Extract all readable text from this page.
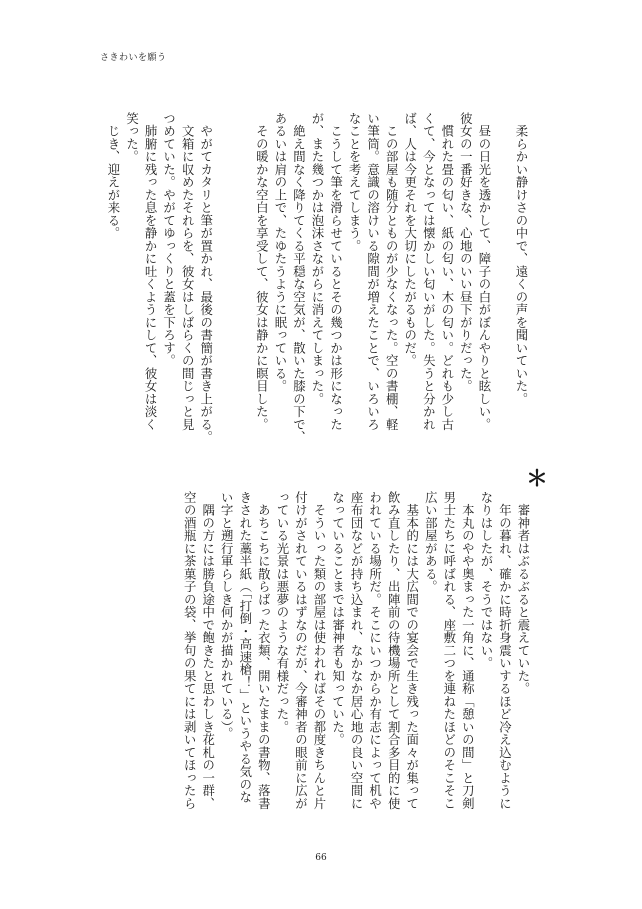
さきわいを願う
　柔らかい静けさの中で、遠くの声を聞いていた。
　昼の日光を透かして、障子の白がぼんやりと眩しい。
彼女の一番好きな、心地のいい昼下がりだった。
　慣れた畳の匂い、紙の匂い、木の匂い。どれも少し古
くて、今となっては懐かしい匂いがした。失うと分かれ
ば、人は今更それを大切にしたがるものだ。
　この部屋も随分とものが少なくなった。空の書棚、軽
い筆筒。意識の溶けいる隙間が増えたことで、いろいろ
なことを考えてしまう。
　こうして筆を滑らせているとその幾つかは形になった
が、また幾つかは泡沫さながらに消えてしまった。
　絶え間なく降りてくる平穏な空気が、散いた膝の下で、
あるいは肩の上で、たゆたうように眠っている。
　その暖かな空白を享受して、彼女は静かに瞑目した。
　やがてカタリと筆が置かれ、最後の書簡が書き上がる。
　文箱に収めたそれらを、彼女はしばらくの間じっと見
つめていた。やがてゆっくりと蓋を下ろす。
　肺腑に残った息を静かに吐くようにして、彼女は淡く
笑った。
　じき、迎えが来る。
＊
　審神者はぶるぶると震えていた。
　年の暮れ、確かに時折身震いするほど冷え込むように
なりはしたが、そうではない。
　本丸のやや奥まった一角に、通称「憩いの間」と刀剣
男士たちに呼ばれる、座敷二つを連ねたほどのそこそこ
広い部屋がある。
　基本的には大広間での宴会で生き残った面々が集って
飲み直したり、出陣前の待機場所として割合多目的に使
われている場所だ。そこにいつからか有志によって机や
座布団などが持ち込まれ、なかなか居心地の良い空間に
なっていることまでは審神者も知っていた。
　そういった類の部屋は使われればその都度きちんと片
付けがされているはずなのだが、今審神者の眼前に広が
っている光景は悪夢のような有様だった。
　あちこちに散らばった衣類、開いたままの書物、落書
きされた藁半紙（「打倒・高速槍！」というやる気のな
い字と遡行軍らしき何かが描かれている）。
　隅の方には勝負途中で飽きたと思わしき花札の一群、
空の酒瓶に茶菓子の袋、挙句の果てには剥いてほったら
66
